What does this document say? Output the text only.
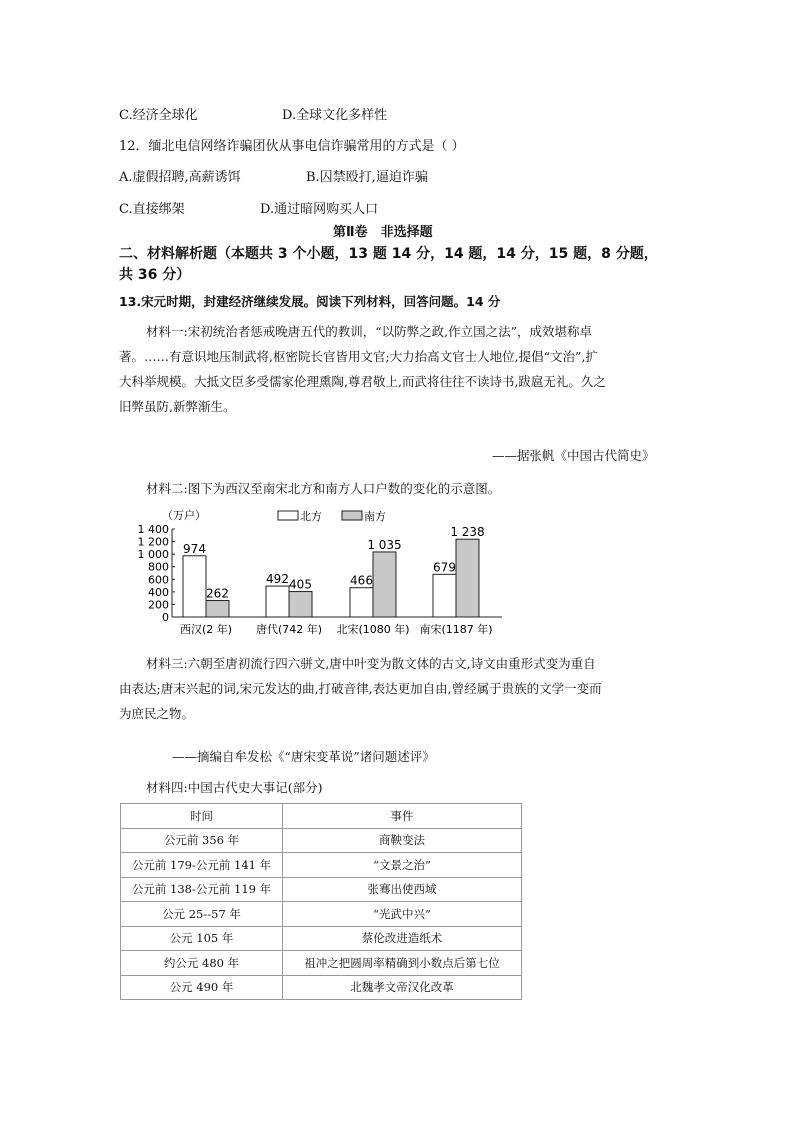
C.经济全球化	D.全球文化多样性
12．缅北电信网络诈骗团伙从事电信诈骗常用的方式是（ ）
A.虚假招聘,高薪诱饵	B.囚禁殴打,逼迫诈骗
C.直接绑架	D.通过暗网购买人口
第Ⅱ卷　非选择题
二、材料解析题（本题共 3 个小题，13 题 14 分，14 题，14 分，15 题，8 分题，
共 36 分）
13.宋元时期，封建经济继续发展。阅读下列材料，回答问题。14 分
材料一:宋初统治者惩戒晚唐五代的教训，“以防弊之政,作立国之法”，成效堪称卓
著。……有意识地压制武将,枢密院长官皆用文官;大力抬高文官士人地位,提倡“文治”,扩
大科举规模。大抵文臣多受儒家伦理熏陶,尊君敬上,而武将往往不读诗书,跋扈无礼。久之
旧弊虽防,新弊渐生。
——据张帆《中国古代简史》
材料二:图下为西汉至南宋北方和南方人口户数的变化的示意图。
（万户）	北方	南方
1 400
1 200
1 000
800
600
400
200
0
974
262
492 405	466
1 035
679
1 238
西汉(2 年) 唐代(742 年) 北宋(1080 年) 南宋(1187 年)
材料三:六朝至唐初流行四六骈文,唐中叶变为散文体的古文,诗文由重形式变为重自
由表达;唐末兴起的词,宋元发达的曲,打破音律,表达更加自由,曾经属于贵族的文学一变而
为庶民之物。
——摘编自牟发松《“唐宋变革说”诸问题述评》
材料四:中国古代史大事记(部分)
时间	事件
公元前 356 年	商鞅变法
公元前 179-公元前 141 年	“文景之治”
公元前 138-公元前 119 年	张骞出使西域
公元 25--57 年	“光武中兴”
公元 105 年	蔡伦改进造纸术
约公元 480 年	祖冲之把圆周率精确到小数点后第七位
公元 490 年	北魏孝文帝汉化改革
